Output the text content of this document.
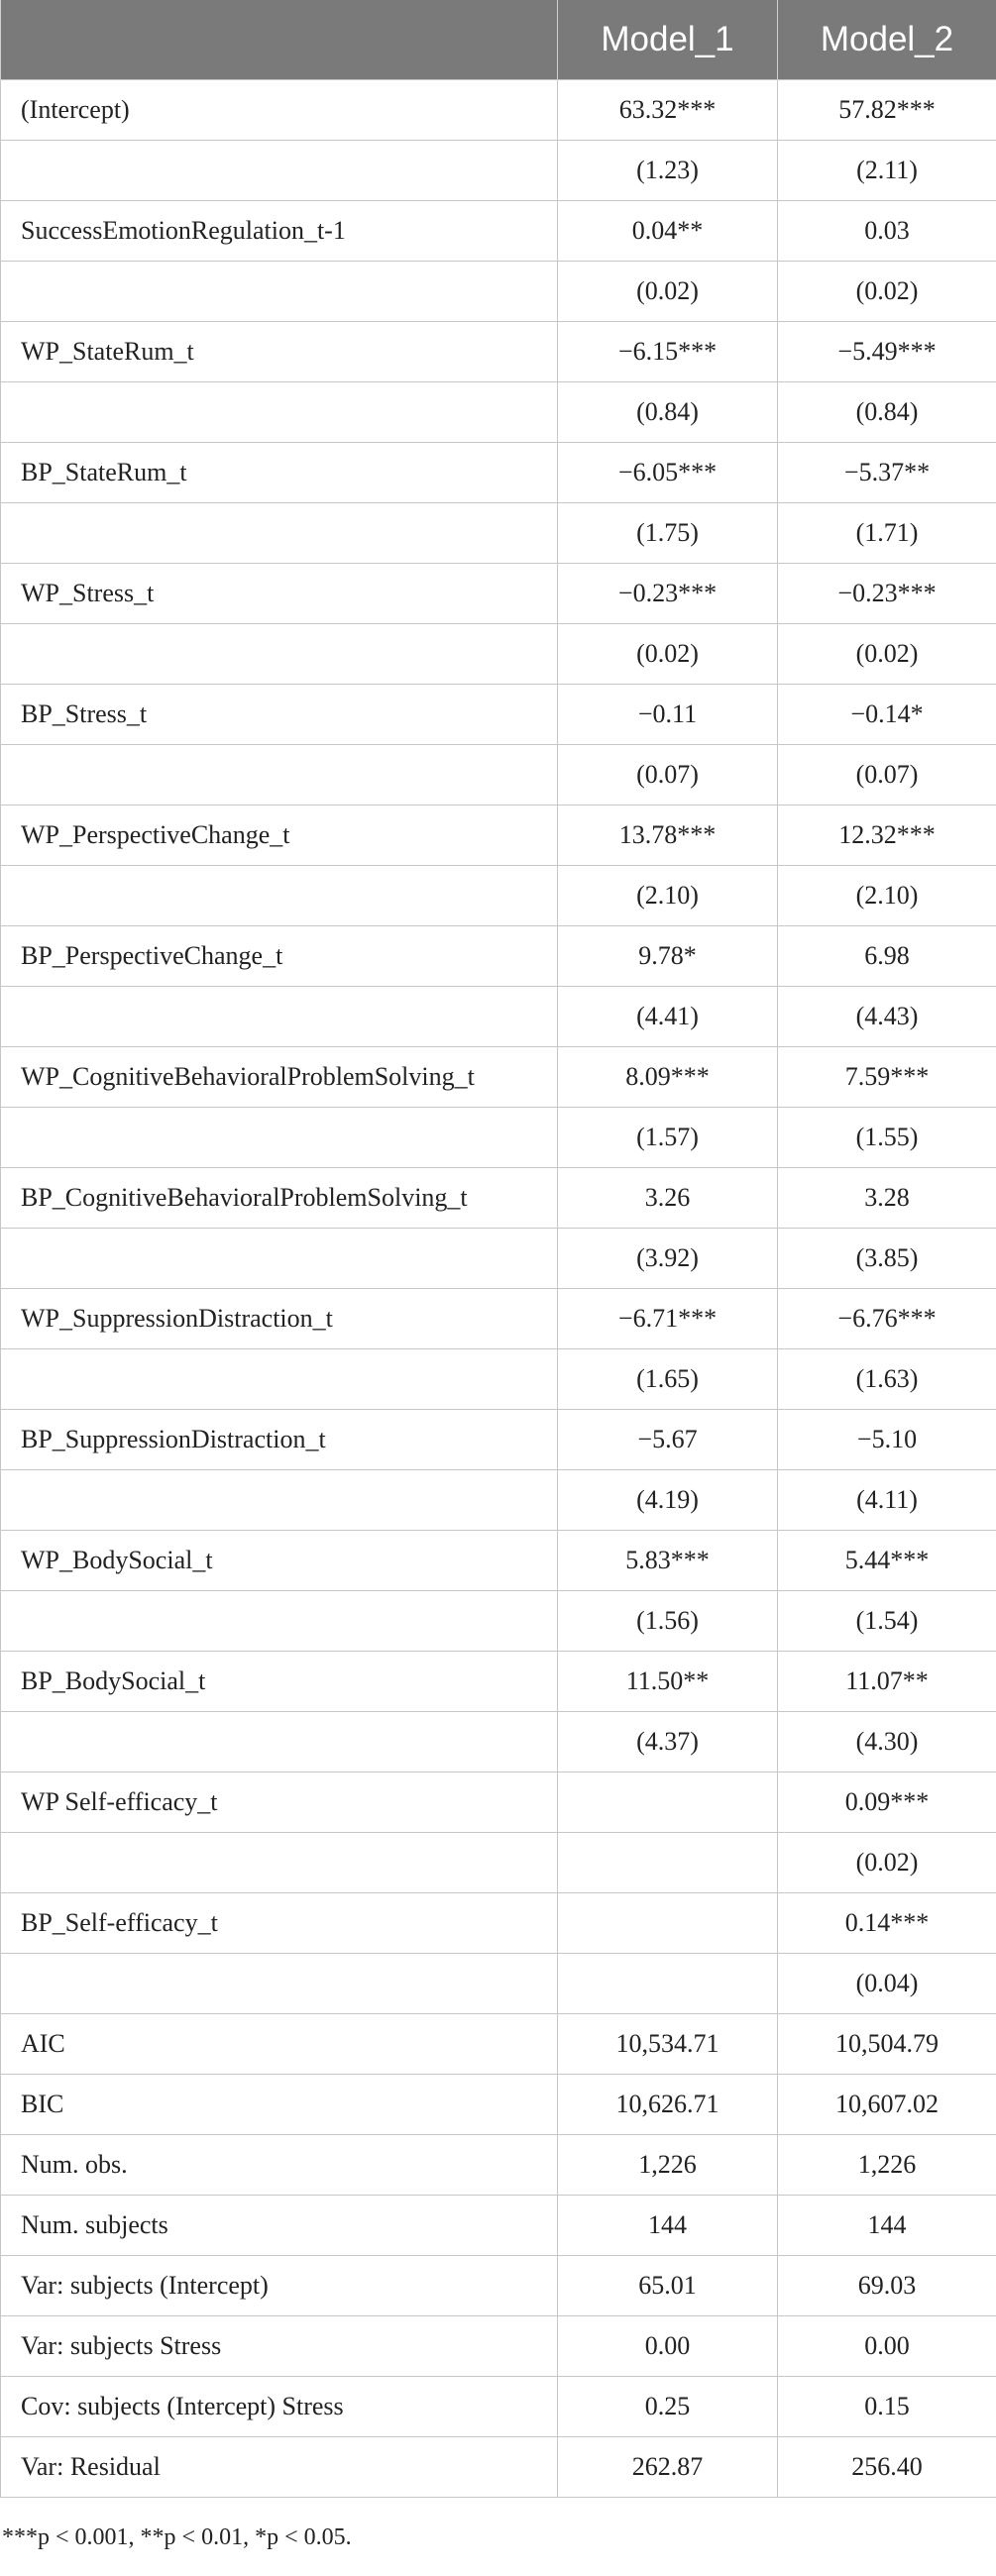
	Model_1	Model_2
(Intercept)	63.32***	57.82***
	(1.23)	(2.11)
SuccessEmotionRegulation_t-1	0.04**	0.03
	(0.02)	(0.02)
WP_StateRum_t	−6.15***	−5.49***
	(0.84)	(0.84)
BP_StateRum_t	−6.05***	−5.37**
	(1.75)	(1.71)
WP_Stress_t	−0.23***	−0.23***
	(0.02)	(0.02)
BP_Stress_t	−0.11	−0.14*
	(0.07)	(0.07)
WP_PerspectiveChange_t	13.78***	12.32***
	(2.10)	(2.10)
BP_PerspectiveChange_t	9.78*	6.98
	(4.41)	(4.43)
WP_CognitiveBehavioralProblemSolving_t	8.09***	7.59***
	(1.57)	(1.55)
BP_CognitiveBehavioralProblemSolving_t	3.26	3.28
	(3.92)	(3.85)
WP_SuppressionDistraction_t	−6.71***	−6.76***
	(1.65)	(1.63)
BP_SuppressionDistraction_t	−5.67	−5.10
	(4.19)	(4.11)
WP_BodySocial_t	5.83***	5.44***
	(1.56)	(1.54)
BP_BodySocial_t	11.50**	11.07**
	(4.37)	(4.30)
WP Self-efficacy_t		0.09***
		(0.02)
BP_Self-efficacy_t		0.14***
		(0.04)
AIC	10,534.71	10,504.79
BIC	10,626.71	10,607.02
Num. obs.	1,226	1,226
Num. subjects	144	144
Var: subjects (Intercept)	65.01	69.03
Var: subjects Stress	0.00	0.00
Cov: subjects (Intercept) Stress	0.25	0.15
Var: Residual	262.87	256.40
***p < 0.001, **p < 0.01, *p < 0.05.
